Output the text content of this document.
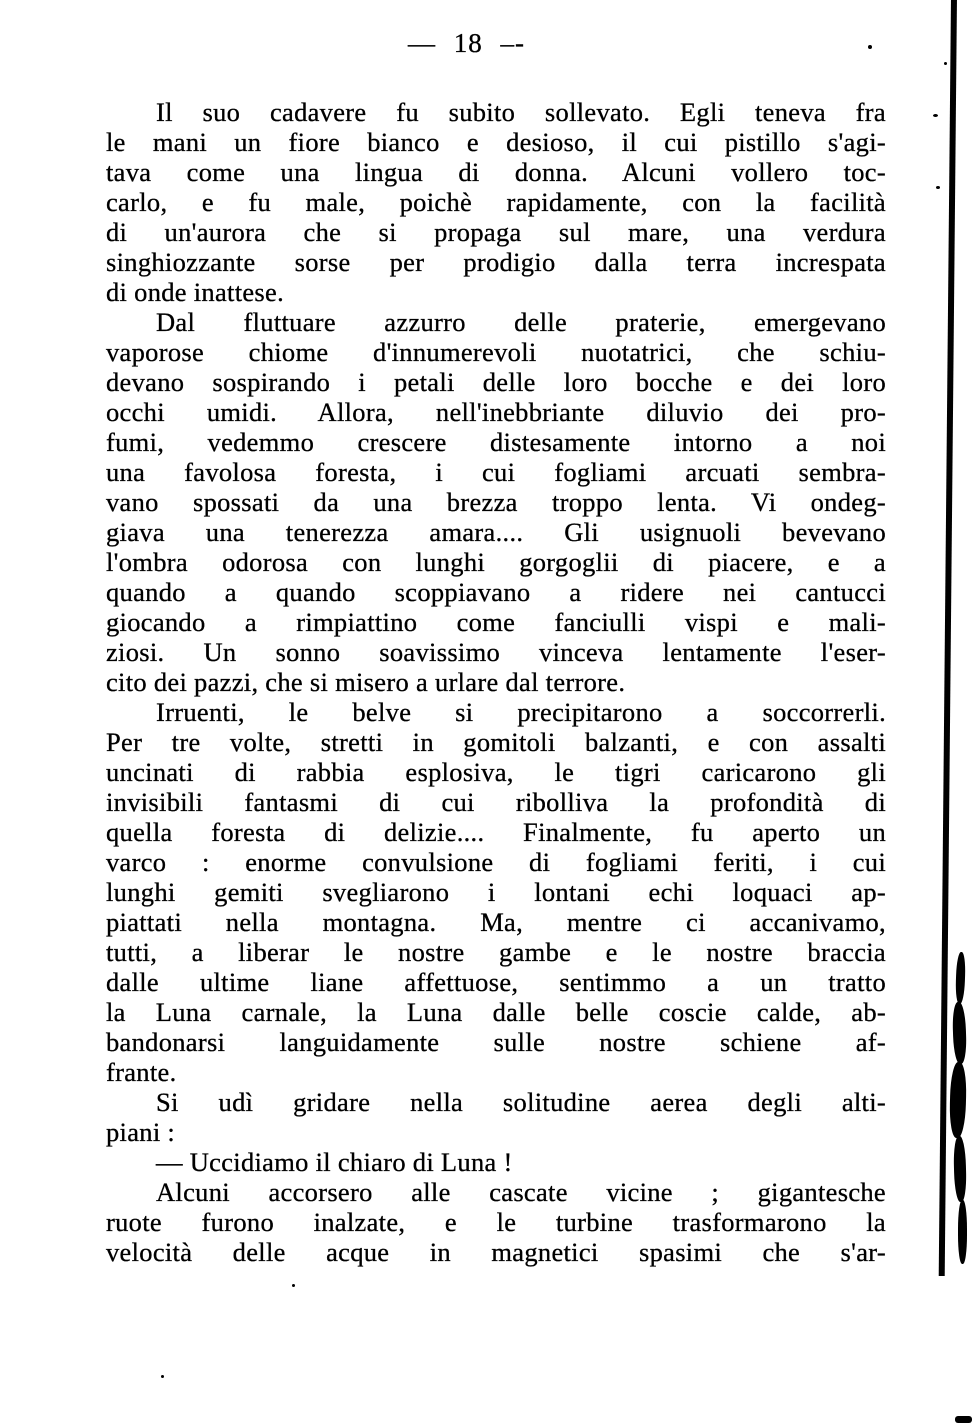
— 18 –-
Il suo cadavere fu subito sollevato. Egli teneva fra
le mani un fiore bianco e desioso, il cui pistillo s'agi-
tava come una lingua di donna. Alcuni vollero toc-
carlo, e fu male, poichè rapidamente, con la facilità
di un'aurora che si propaga sul mare, una verdura
singhiozzante sorse per prodigio dalla terra increspata
di onde inattese.
Dal fluttuare azzurro delle praterie, emergevano
vaporose chiome d'innumerevoli nuotatrici, che schiu-
devano sospirando i petali delle loro bocche e dei loro
occhi umidi. Allora, nell'inebbriante diluvio dei pro-
fumi, vedemmo crescere distesamente intorno a noi
una favolosa foresta, i cui fogliami arcuati sembra-
vano spossati da una brezza troppo lenta. Vi ondeg-
giava una tenerezza amara.... Gli usignuoli bevevano
l'ombra odorosa con lunghi gorgoglii di piacere, e a
quando a quando scoppiavano a ridere nei cantucci
giocando a rimpiattino come fanciulli vispi e mali-
ziosi. Un sonno soavissimo vinceva lentamente l'eser-
cito dei pazzi, che si misero a urlare dal terrore.
Irruenti, le belve si precipitarono a soccorrerli.
Per tre volte, stretti in gomitoli balzanti, e con assalti
uncinati di rabbia esplosiva, le tigri caricarono gli
invisibili fantasmi di cui ribolliva la profondità di
quella foresta di delizie.... Finalmente, fu aperto un
varco : enorme convulsione di fogliami feriti, i cui
lunghi gemiti svegliarono i lontani echi loquaci ap-
piattati nella montagna. Ma, mentre ci accanivamo,
tutti, a liberar le nostre gambe e le nostre braccia
dalle ultime liane affettuose, sentimmo a un tratto
la Luna carnale, la Luna dalle belle coscie calde, ab-
bandonarsi languidamente sulle nostre schiene af-
frante.
Si udì gridare nella solitudine aerea degli alti-
piani :
— Uccidiamo il chiaro di Luna !
Alcuni accorsero alle cascate vicine ; gigantesche
ruote furono inalzate, e le turbine trasformarono la
velocità delle acque in magnetici spasimi che s'ar-
